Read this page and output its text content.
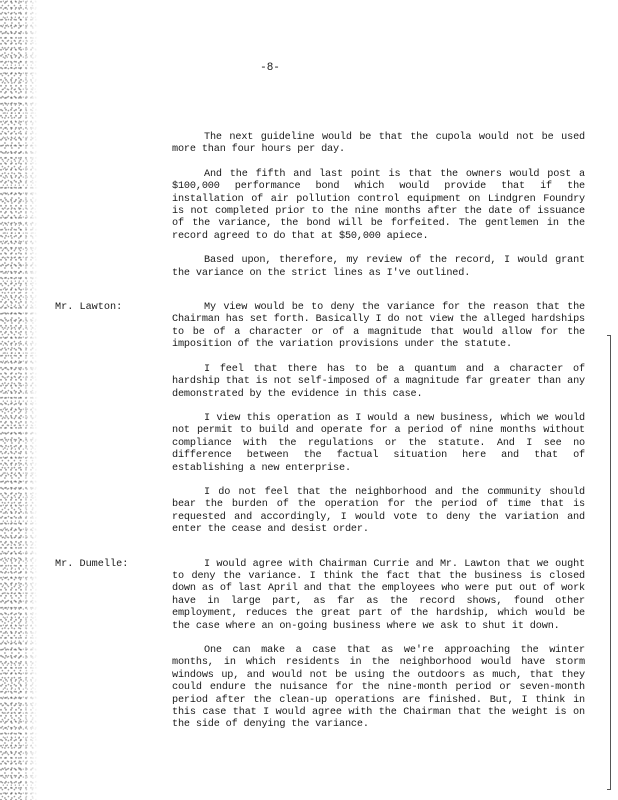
-8-

The next guideline would be that the cupola would not be used more than four hours per day.

And the fifth and last point is that the owners would post a $100,000 performance bond which would provide that if the installation of air pollution control equipment on Lindgren Foundry is not completed prior to the nine months after the date of issuance of the variance, the bond will be forfeited. The gentlemen in the record agreed to do that at $50,000 apiece.

Based upon, therefore, my review of the record, I would grant the variance on the strict lines as I've outlined.

Mr. Lawton:	My view would be to deny the variance for the reason that the Chairman has set forth. Basically I do not view the alleged hardships to be of a character or of a magnitude that would allow for the imposition of the variation provisions under the statute.

I feel that there has to be a quantum and a character of hardship that is not self-imposed of a magnitude far greater than any demonstrated by the evidence in this case.

I view this operation as I would a new business, which we would not permit to build and operate for a period of nine months without compliance with the regulations or the statute. And I see no difference between the factual situation here and that of establishing a new enterprise.

I do not feel that the neighborhood and the community should bear the burden of the operation for the period of time that is requested and accordingly, I would vote to deny the variation and enter the cease and desist order.

Mr. Dumelle:	I would agree with Chairman Currie and Mr. Lawton that we ought to deny the variance. I think the fact that the business is closed down as of last April and that the employees who were put out of work have in large part, as far as the record shows, found other employment, reduces the great part of the hardship, which would be the case where an on-going business where we ask to shut it down.

One can make a case that as we're approaching the winter months, in which residents in the neighborhood would have storm windows up, and would not be using the outdoors as much, that they could endure the nuisance for the nine-month period or seven-month period after the clean-up operations are finished. But, I think in this case that I would agree with the Chairman that the weight is on the side of denying the variance.
